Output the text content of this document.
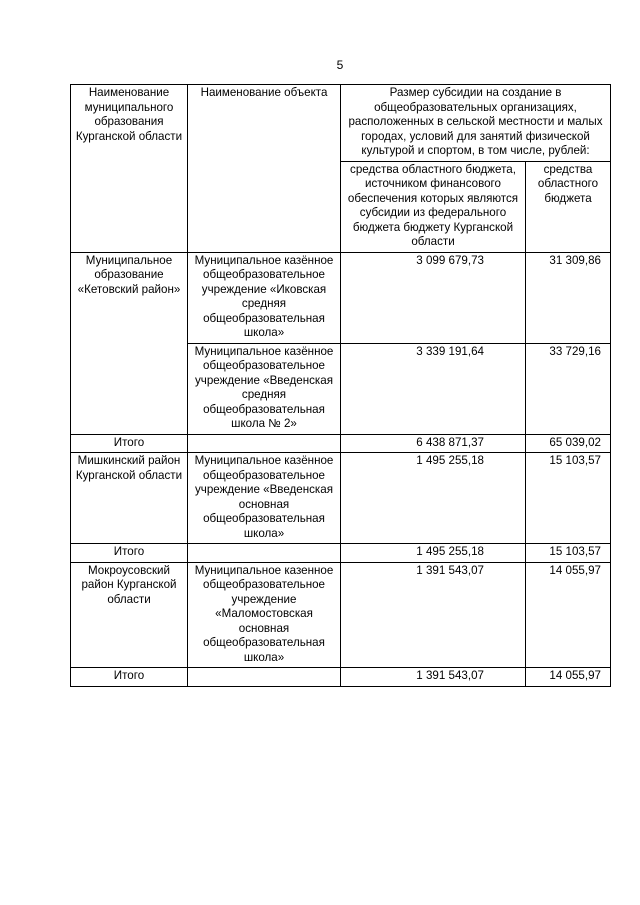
5
Наименование муниципального образования Курганской области	Наименование объекта	Размер субсидии на создание в общеобразовательных организациях, расположенных в сельской местности и малых городах, условий для занятий физической культурой и спортом, в том числе, рублей:	
		средства областного бюджета, источником финансового обеспечения которых являются субсидии из федерального бюджета бюджету Курганской области	средства областного бюджета
Муниципальное образование «Кетовский район»	Муниципальное казённое общеобразовательное учреждение «Иковская средняя общеобразовательная школа»	3 099 679,73	31 309,86
	Муниципальное казённое общеобразовательное учреждение «Введенская средняя общеобразовательная школа № 2»	3 339 191,64	33 729,16
Итого		6 438 871,37	65 039,02
Мишкинский район Курганской области	Муниципальное казённое общеобразовательное учреждение «Введенская основная общеобразовательная школа»	1 495 255,18	15 103,57
Итого		1 495 255,18	15 103,57
Мокроусовский район Курганской области	Муниципальное казенное общеобразовательное учреждение «Маломостовская основная общеобразовательная школа»	1 391 543,07	14 055,97
Итого		1 391 543,07	14 055,97
